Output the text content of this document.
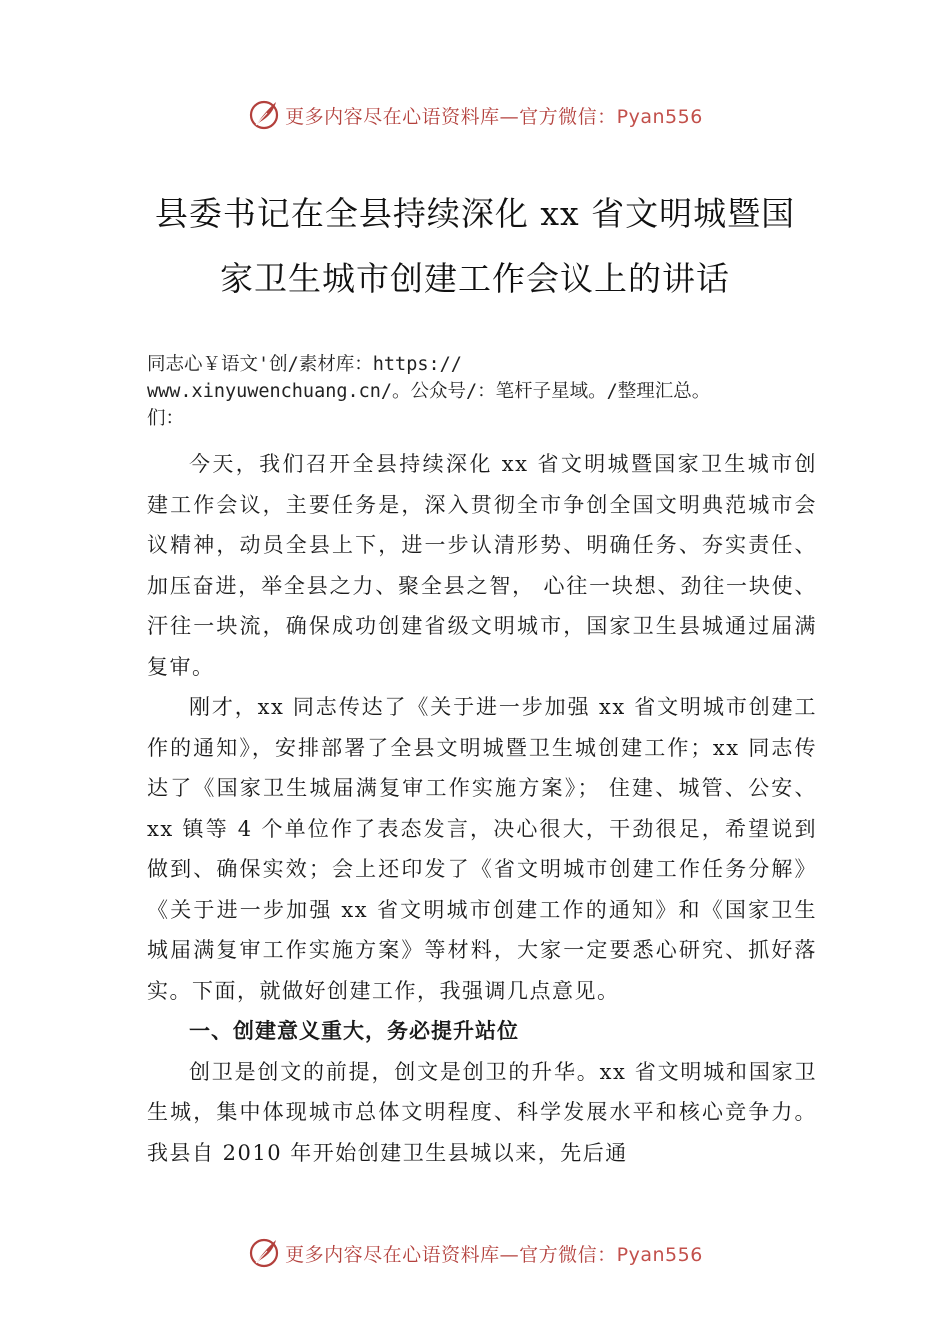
更多内容尽在心语资料库—官方微信：Pyan556
县委书记在全县持续深化 xx 省文明城暨国
家卫生城市创建工作会议上的讲话
同志心￥语文'创/素材库：https://
www.xinyuwenchuang.cn/。公众号/：笔杆子星域。/整理汇总。
们：

今天，我们召开全县持续深化 xx 省文明城暨国家卫生城市创建工作会议，主要任务是，深入贯彻全市争创全国文明典范城市会议精神，动员全县上下，进一步认清形势、明确任务、夯实责任、加压奋进，举全县之力、聚全县之智， 心往一块想、劲往一块使、汗往一块流，确保成功创建省级文明城市，国家卫生县城通过届满复审。

刚才，xx 同志传达了《关于进一步加强 xx 省文明城市创建工作的通知》，安排部署了全县文明城暨卫生城创建工作；xx 同志传达了《国家卫生城届满复审工作实施方案》； 住建、城管、公安、xx 镇等 4 个单位作了表态发言，决心很大，干劲很足，希望说到做到、确保实效；会上还印发了《省文明城市创建工作任务分解》《关于进一步加强 xx 省文明城市创建工作的通知》和《国家卫生城届满复审工作实施方案》等材料，大家一定要悉心研究、抓好落实。下面，就做好创建工作，我强调几点意见。

一、创建意义重大，务必提升站位

创卫是创文的前提，创文是创卫的升华。xx 省文明城和国家卫生城，集中体现城市总体文明程度、科学发展水平和核心竞争力。我县自 2010 年开始创建卫生县城以来，先后通

更多内容尽在心语资料库—官方微信：Pyan556
